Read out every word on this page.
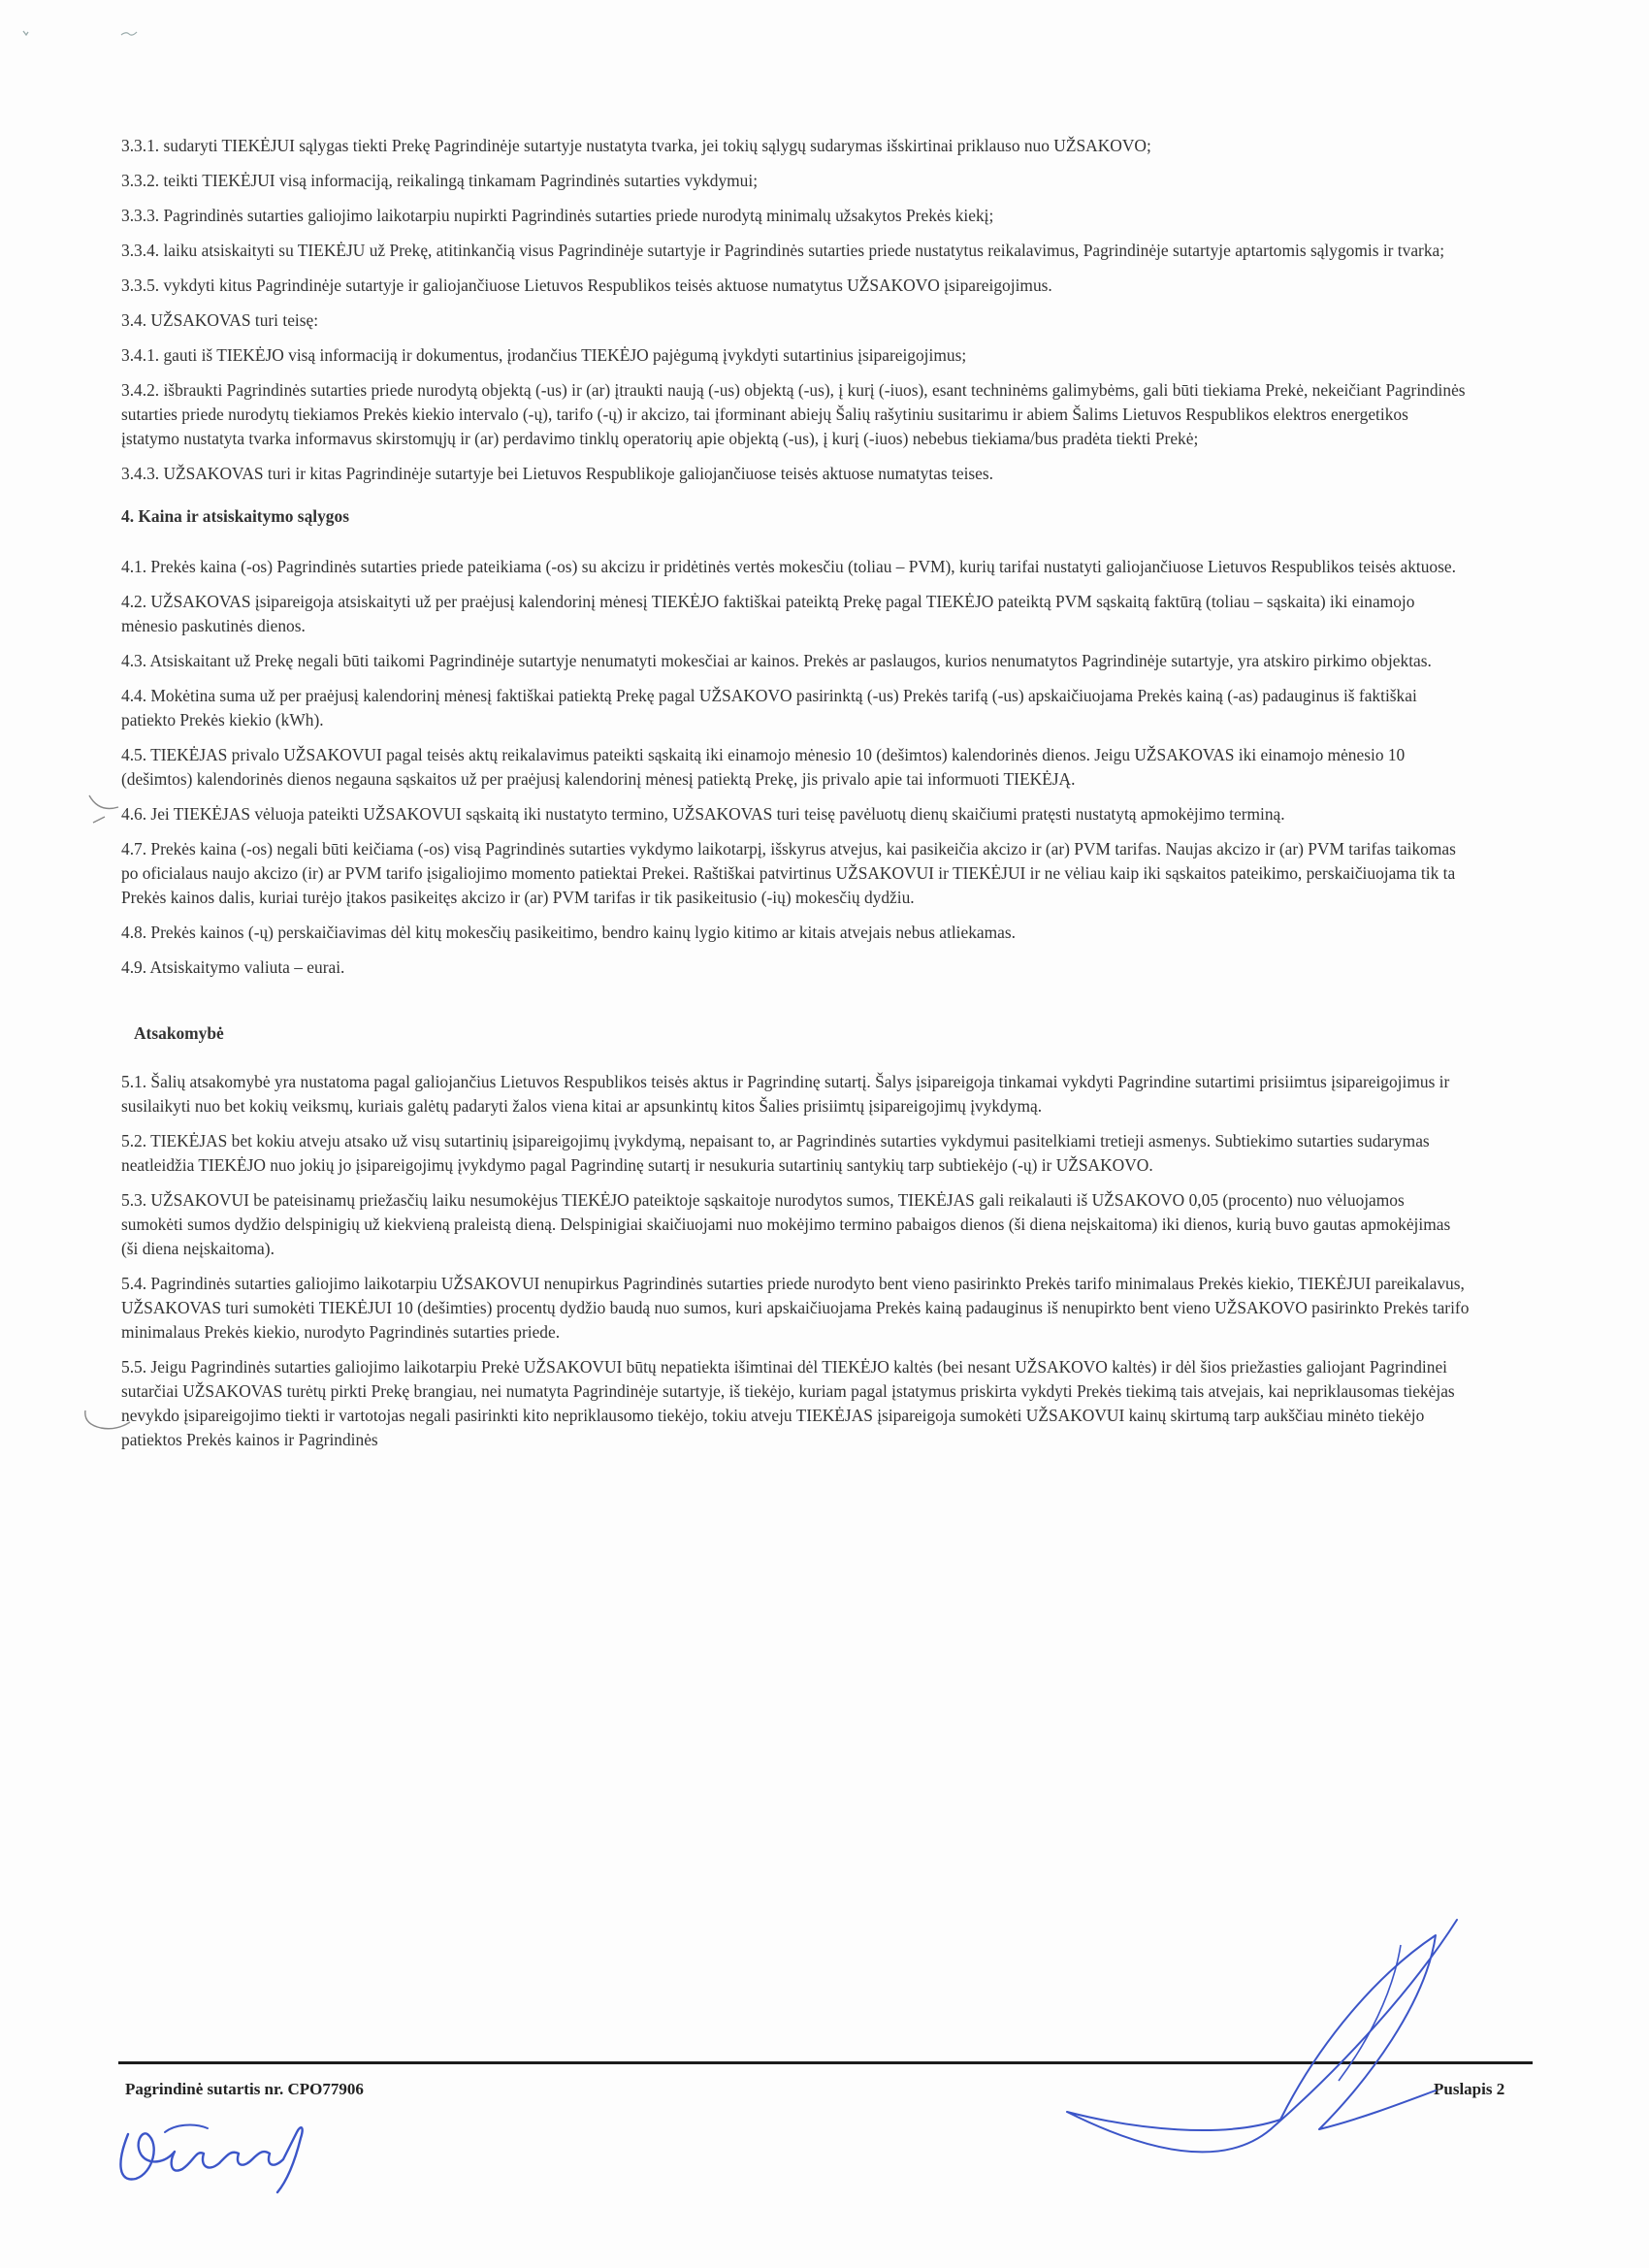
3.3.1. sudaryti TIEKĖJUI sąlygas tiekti Prekę Pagrindinėje sutartyje nustatyta tvarka, jei tokių sąlygų sudarymas išskirtinai priklauso nuo UŽSAKOVO;

3.3.2. teikti TIEKĖJUI visą informaciją, reikalingą tinkamam Pagrindinės sutarties vykdymui;

3.3.3. Pagrindinės sutarties galiojimo laikotarpiu nupirkti Pagrindinės sutarties priede nurodytą minimalų užsakytos Prekės kiekį;

3.3.4. laiku atsiskaityti su TIEKĖJU už Prekę, atitinkančią visus Pagrindinėje sutartyje ir Pagrindinės sutarties priede nustatytus reikalavimus, Pagrindinėje sutartyje aptartomis sąlygomis ir tvarka;

3.3.5. vykdyti kitus Pagrindinėje sutartyje ir galiojančiuose Lietuvos Respublikos teisės aktuose numatytus UŽSAKOVO įsipareigojimus.

3.4. UŽSAKOVAS turi teisę:

3.4.1. gauti iš TIEKĖJO visą informaciją ir dokumentus, įrodančius TIEKĖJO pajėgumą įvykdyti sutartinius įsipareigojimus;

3.4.2. išbraukti Pagrindinės sutarties priede nurodytą objektą (-us) ir (ar) įtraukti naują (-us) objektą (-us), į kurį (-iuos), esant techninėms galimybėms, gali būti tiekiama Prekė, nekeičiant Pagrindinės sutarties priede nurodytų tiekiamos Prekės kiekio intervalo (-ų), tarifo (-ų) ir akcizo, tai įforminant abiejų Šalių rašytiniu susitarimu ir abiem Šalims Lietuvos Respublikos elektros energetikos įstatymo nustatyta tvarka informavus skirstomųjų ir (ar) perdavimo tinklų operatorių apie objektą (-us), į kurį (-iuos) nebebus tiekiama/bus pradėta tiekti Prekė;

3.4.3. UŽSAKOVAS turi ir kitas Pagrindinėje sutartyje bei Lietuvos Respublikoje galiojančiuose teisės aktuose numatytas teises.

4. Kaina ir atsiskaitymo sąlygos

4.1. Prekės kaina (-os) Pagrindinės sutarties priede pateikiama (-os) su akcizu ir pridėtinės vertės mokesčiu (toliau – PVM), kurių tarifai nustatyti galiojančiuose Lietuvos Respublikos teisės aktuose.

4.2. UŽSAKOVAS įsipareigoja atsiskaityti už per praėjusį kalendorinį mėnesį TIEKĖJO faktiškai pateiktą Prekę pagal TIEKĖJO pateiktą PVM sąskaitą faktūrą (toliau – sąskaita) iki einamojo mėnesio paskutinės dienos.

4.3. Atsiskaitant už Prekę negali būti taikomi Pagrindinėje sutartyje nenumatyti mokesčiai ar kainos. Prekės ar paslaugos, kurios nenumatytos Pagrindinėje sutartyje, yra atskiro pirkimo objektas.

4.4. Mokėtina suma už per praėjusį kalendorinį mėnesį faktiškai patiektą Prekę pagal UŽSAKOVO pasirinktą (-us) Prekės tarifą (-us) apskaičiuojama Prekės kainą (-as) padauginus iš faktiškai patiekto Prekės kiekio (kWh).

4.5. TIEKĖJAS privalo UŽSAKOVUI pagal teisės aktų reikalavimus pateikti sąskaitą iki einamojo mėnesio 10 (dešimtos) kalendorinės dienos. Jeigu UŽSAKOVAS iki einamojo mėnesio 10 (dešimtos) kalendorinės dienos negauna sąskaitos už per praėjusį kalendorinį mėnesį patiektą Prekę, jis privalo apie tai informuoti TIEKĖJĄ.

4.6. Jei TIEKĖJAS vėluoja pateikti UŽSAKOVUI sąskaitą iki nustatyto termino, UŽSAKOVAS turi teisę pavėluotų dienų skaičiumi pratęsti nustatytą apmokėjimo terminą.

4.7. Prekės kaina (-os) negali būti keičiama (-os) visą Pagrindinės sutarties vykdymo laikotarpį, išskyrus atvejus, kai pasikeičia akcizo ir (ar) PVM tarifas. Naujas akcizo ir (ar) PVM tarifas taikomas po oficialaus naujo akcizo (ir) ar PVM tarifo įsigaliojimo momento patiektai Prekei. Raštiškai patvirtinus UŽSAKOVUI ir TIEKĖJUI ir ne vėliau kaip iki sąskaitos pateikimo, perskaičiuojama tik ta Prekės kainos dalis, kuriai turėjo įtakos pasikeitęs akcizo ir (ar) PVM tarifas ir tik pasikeitusio (-ių) mokesčių dydžiu.

4.8. Prekės kainos (-ų) perskaičiavimas dėl kitų mokesčių pasikeitimo, bendro kainų lygio kitimo ar kitais atvejais nebus atliekamas.

4.9. Atsiskaitymo valiuta – eurai.

Atsakomybė

5.1. Šalių atsakomybė yra nustatoma pagal galiojančius Lietuvos Respublikos teisės aktus ir Pagrindinę sutartį. Šalys įsipareigoja tinkamai vykdyti Pagrindine sutartimi prisiimtus įsipareigojimus ir susilaikyti nuo bet kokių veiksmų, kuriais galėtų padaryti žalos viena kitai ar apsunkintų kitos Šalies prisiimtų įsipareigojimų įvykdymą.

5.2. TIEKĖJAS bet kokiu atveju atsako už visų sutartinių įsipareigojimų įvykdymą, nepaisant to, ar Pagrindinės sutarties vykdymui pasitelkiami tretieji asmenys. Subtiekimo sutarties sudarymas neatleidžia TIEKĖJO nuo jokių jo įsipareigojimų įvykdymo pagal Pagrindinę sutartį ir nesukuria sutartinių santykių tarp subtiekėjo (-ų) ir UŽSAKOVO.

5.3. UŽSAKOVUI be pateisinamų priežasčių laiku nesumokėjus TIEKĖJO pateiktoje sąskaitoje nurodytos sumos, TIEKĖJAS gali reikalauti iš UŽSAKOVO 0,05 (procento) nuo vėluojamos sumokėti sumos dydžio delspinigių už kiekvieną praleistą dieną. Delspinigiai skaičiuojami nuo mokėjimo termino pabaigos dienos (ši diena neįskaitoma) iki dienos, kurią buvo gautas apmokėjimas (ši diena neįskaitoma).

5.4. Pagrindinės sutarties galiojimo laikotarpiu UŽSAKOVUI nenupirkus Pagrindinės sutarties priede nurodyto bent vieno pasirinkto Prekės tarifo minimalaus Prekės kiekio, TIEKĖJUI pareikalavus, UŽSAKOVAS turi sumokėti TIEKĖJUI 10 (dešimties) procentų dydžio baudą nuo sumos, kuri apskaičiuojama Prekės kainą padauginus iš nenupirkto bent vieno UŽSAKOVO pasirinkto Prekės tarifo minimalaus Prekės kiekio, nurodyto Pagrindinės sutarties priede.

5.5. Jeigu Pagrindinės sutarties galiojimo laikotarpiu Prekė UŽSAKOVUI būtų nepatiekta išimtinai dėl TIEKĖJO kaltės (bei nesant UŽSAKOVO kaltės) ir dėl šios priežasties galiojant Pagrindinei sutarčiai UŽSAKOVAS turėtų pirkti Prekę brangiau, nei numatyta Pagrindinėje sutartyje, iš tiekėjo, kuriam pagal įstatymus priskirta vykdyti Prekės tiekimą tais atvejais, kai nepriklausomas tiekėjas nevykdo įsipareigojimo tiekti ir vartotojas negali pasirinkti kito nepriklausomo tiekėjo, tokiu atveju TIEKĖJAS įsipareigoja sumokėti UŽSAKOVUI kainų skirtumą tarp aukščiau minėto tiekėjo patiektos Prekės kainos ir Pagrindinės

Pagrindinė sutartis nr. CPO77906	Puslapis 2
